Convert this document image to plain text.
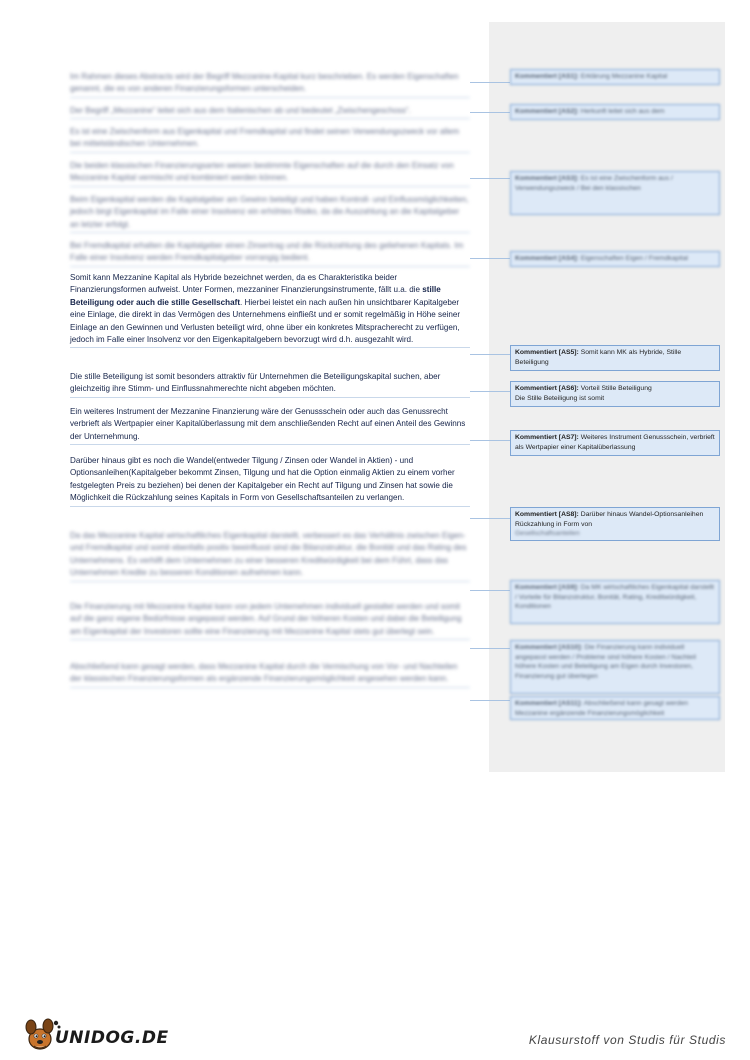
Im Rahmen dieses Abstracts wird der Begriff Mezzanine-Kapital kurz beschrieben. Es werden Eigenschaften genannt, die es von anderen Finanzierungsformen unterscheiden.
Der Begriff „Mezzanine“ leitet sich aus dem Italienischen ab und bedeutet „Zwischengeschoss“.
Es ist eine Zwischenform aus Eigenkapital und Fremdkapital und findet seinen Verwendungszweck vor allem bei mittelständischen Unternehmen.
Die beiden klassischen Finanzierungsarten weisen bestimmte Eigenschaften auf die durch den Einsatz von Mezzanine Kapital vermischt und kombiniert werden können.
Beim Eigenkapital werden die Kapitalgeber am Gewinn beteiligt und haben Kontroll- und Einflussmöglichkeiten, jedoch birgt Eigenkapital im Falle einer Insolvenz ein erhöhtes Risiko, da die Auszahlung an die Kapitalgeber an letzter erfolgt.
Bei Fremdkapital erhalten die Kapitalgeber einen Zinsertrag und die Rückzahlung des geliehenen Kapitals. Im Falle einer Insolvenz werden Fremdkapitalgeber vorrangig bedient.
Somit kann Mezzanine Kapital als Hybride bezeichnet werden, da es Charakteristika beider Finanzierungsformen aufweist. Unter Formen, mezzaniner Finanzierungsinstrumente, fällt u.a. die stille Beteiligung oder auch die stille Gesellschaft. Hierbei leistet ein nach außen hin unsichtbarer Kapitalgeber eine Einlage, die direkt in das Vermögen des Unternehmens einfließt und er somit regelmäßig in Höhe seiner Einlage an den Gewinnen und Verlusten beteiligt wird, ohne über ein konkretes Mitspracherecht zu verfügen, jedoch im Falle einer Insolvenz vor den Eigenkapitalgebern bevorzugt wird d.h. ausgezahlt wird.
Die stille Beteiligung ist somit besonders attraktiv für Unternehmen die Beteiligungskapital suchen, aber gleichzeitig ihre Stimm- und Einflussnahmerechte nicht abgeben möchten.
Ein weiteres Instrument der Mezzanine Finanzierung wäre der Genussschein oder auch das Genussrecht verbrieft als Wertpapier einer Kapitalüberlassung mit dem anschließenden Recht auf einen Anteil des Gewinns der Unternehmung.
Darüber hinaus gibt es noch die Wandel(entweder Tilgung / Zinsen oder Wandel in Aktien) - und Optionsanleihen(Kapitalgeber bekommt Zinsen, Tilgung und hat die Option einmalig Aktien zu einem vorher festgelegten Preis zu beziehen) bei denen der Kapitalgeber ein Recht auf Tilgung und Zinsen hat sowie die Möglichkeit die Rückzahlung seines Kapitals in Form von Gesellschaftsanteilen zu verlangen.
Da das Mezzanine Kapital wirtschaftliches Eigenkapital darstellt, verbessert es das Verhältnis zwischen Eigen- und Fremdkapital und somit ebenfalls positiv beeinflusst sind die Bilanzstruktur, die Bonität und das Rating des Unternehmens. Es verhilft dem Unternehmen zu einer besseren Kreditwürdigkeit bei dem Führt, dass das Unternehmen Kredite zu besseren Konditionen aufnehmen kann.
Die Finanzierung mit Mezzanine Kapital kann von jedem Unternehmen individuell gestaltet werden und somit auf die ganz eigene Bedürfnisse angepasst werden. Auf Grund der höheren Kosten und dabei die Beteiligung am Eigenkapital der Investoren sollte eine Finanzierung mit Mezzanine Kapital stets gut überlegt sein.
Abschließend kann gesagt werden, dass Mezzanine Kapital durch die Vermischung von Vor- und Nachteilen der klassischen Finanzierungsformen als ergänzende Finanzierungsmöglichkeit angesehen werden kann.
Kommentiert [AS1]: Erklärung Mezzanine Kapital
Kommentiert [AS2]: Herkunft leitet sich aus dem
Kommentiert [AS3]: Es ist eine Zwischenform aus / Verwendungszweck / Bei den klassischen
Kommentiert [AS4]: Eigenschaften Eigen / Fremdkapital
Kommentiert [AS5]: Somit kann MK als Hybride, Stille Beteiligung
Kommentiert [AS6]: Vorteil Stille Beteiligung
Die Stille Beteiligung ist somit
Kommentiert [AS7]: Weiteres Instrument Genussschein, verbrieft als Wertpapier einer Kapitalüberlassung
Kommentiert [AS8]: Darüber hinaus Wandel-Optionsanleihen Rückzahlung in Form von
Gesellschaftsanteilen
Kommentiert [AS9]: Da MK wirtschaftliches Eigenkapital darstellt / Vorteile für Bilanzstruktur, Bonität, Rating, Kreditwürdigkeit, Konditionen
Kommentiert [AS10]: Die Finanzierung kann individuell angepasst werden / Probleme sind höhere Kosten / Nachteil höhere Kosten und Beteiligung am Eigen durch Investoren, Finanzierung gut überlegen
Kommentiert [AS11]: Abschließend kann gesagt werden Mezzanine ergänzende Finanzierungsmöglichkeit
UNIDOG.DE	Klausurstoff von Studis für Studis
